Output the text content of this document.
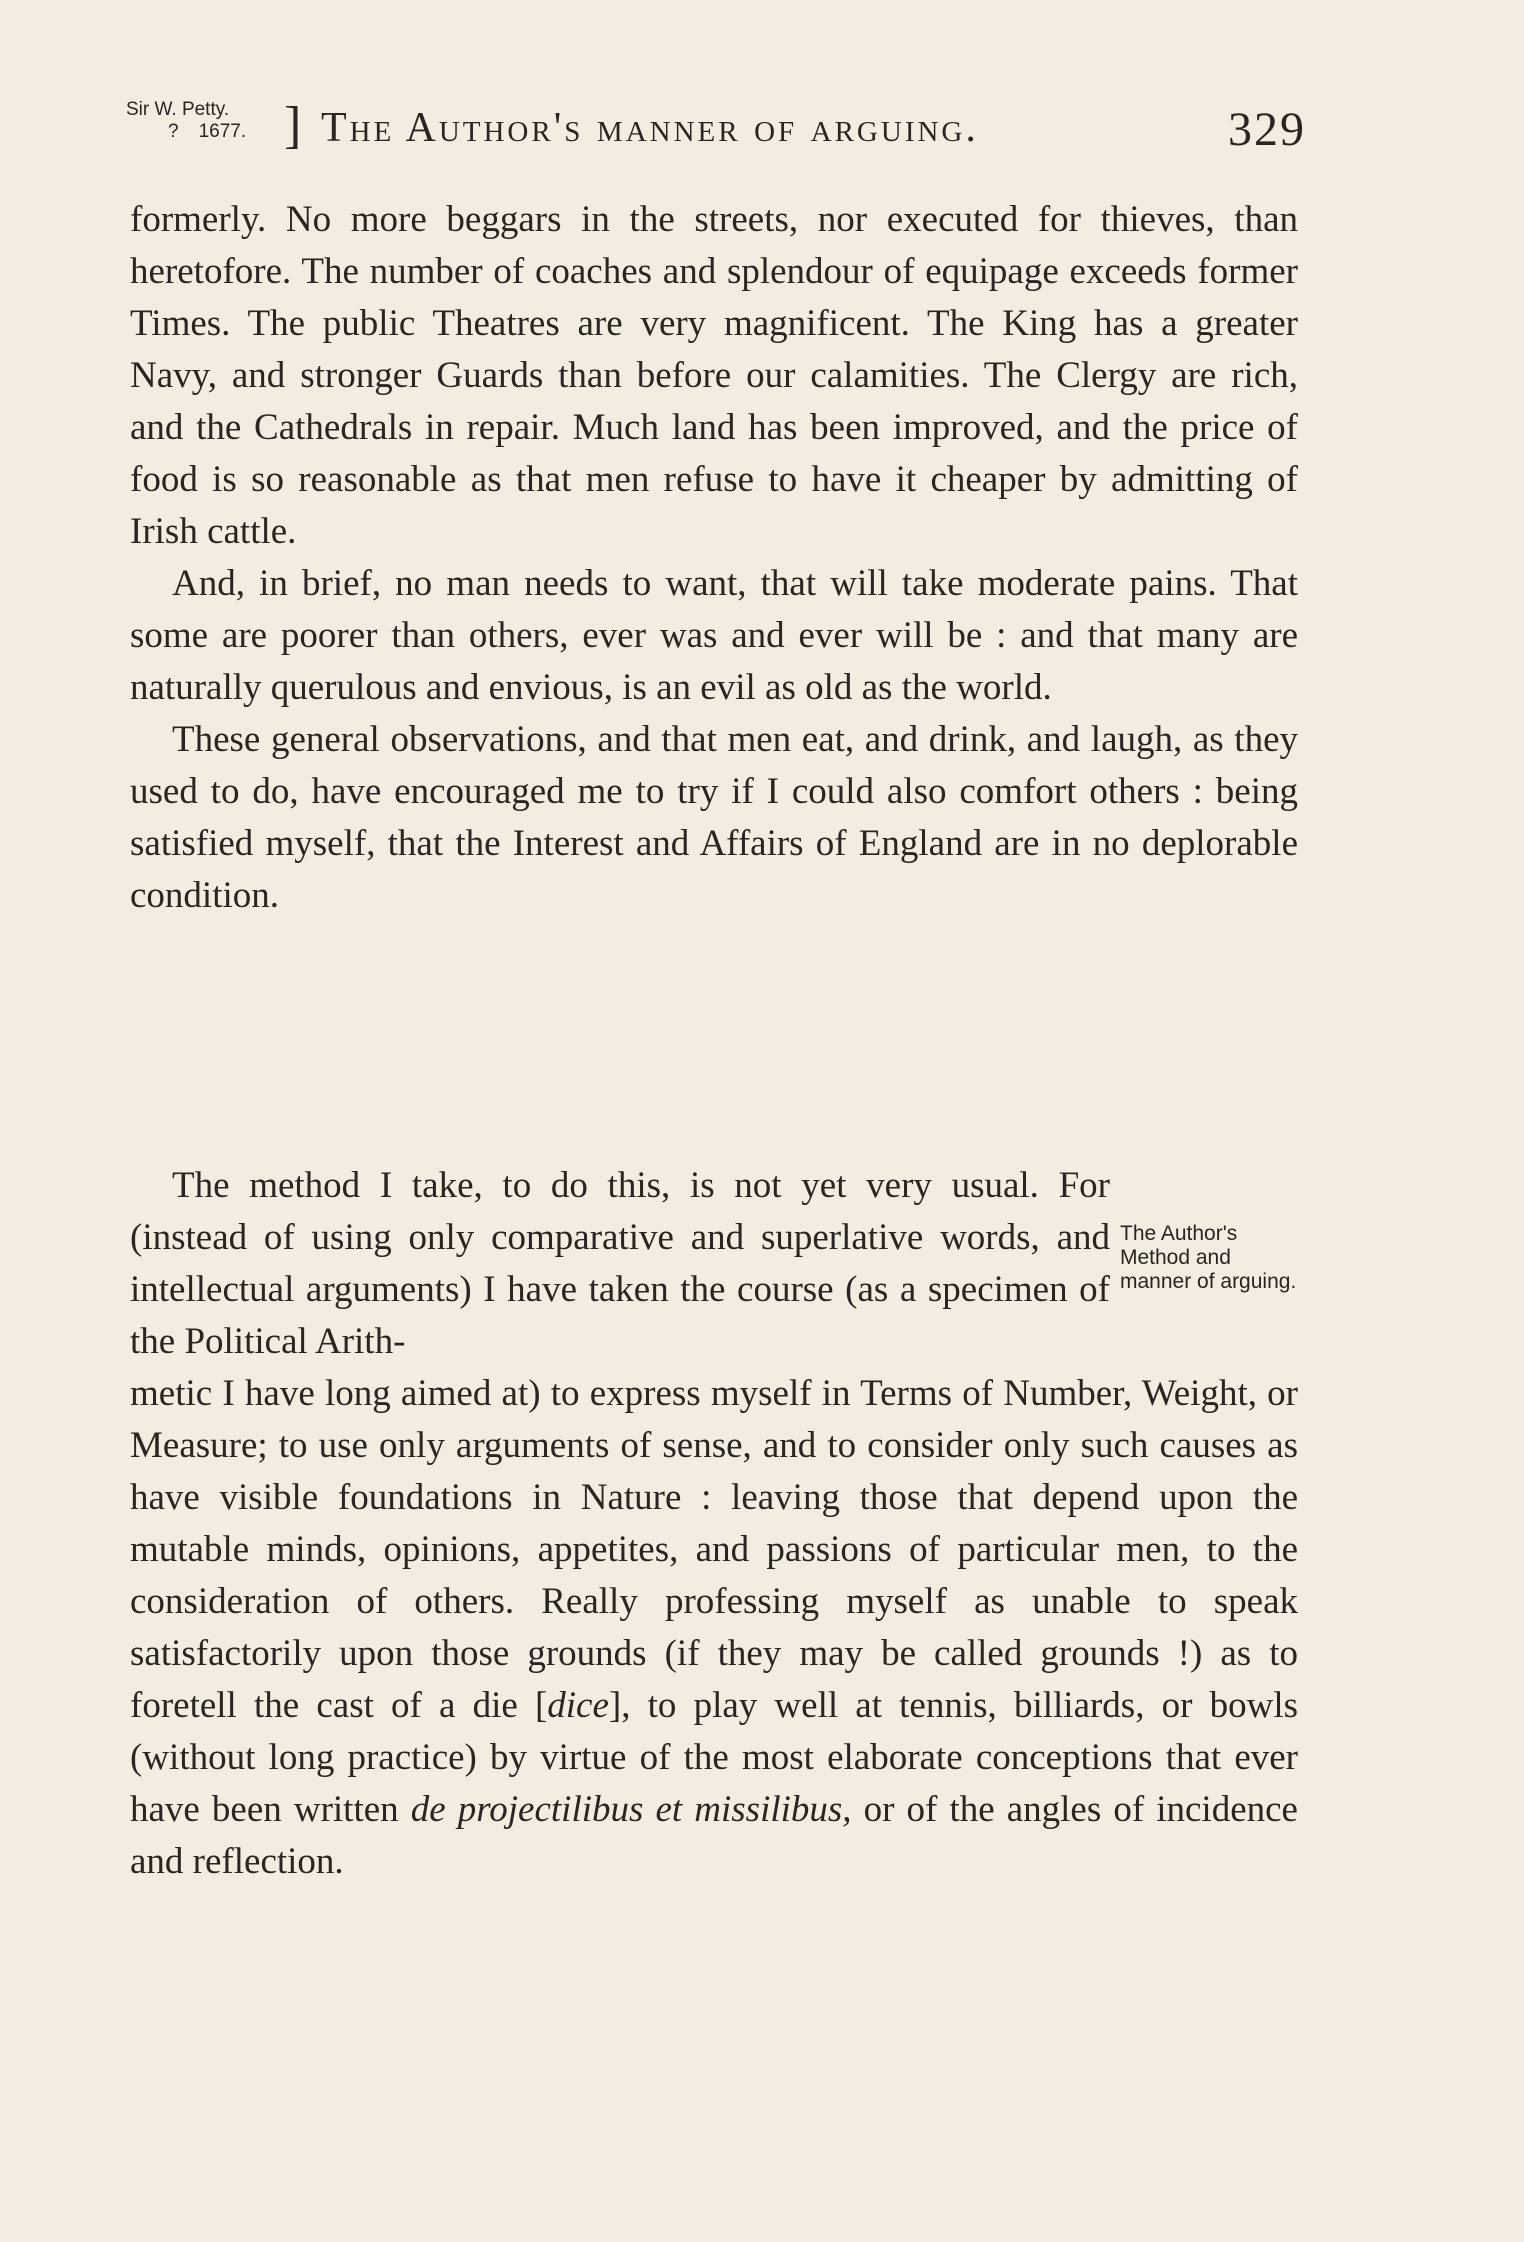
Sir W. Petty.
? 1677. ] The Author's manner of arguing.	329

formerly. No more beggars in the streets, nor executed for thieves, than heretofore. The number of coaches and splendour of equipage exceeds former Times. The public Theatres are very magnificent. The King has a greater Navy, and stronger Guards than before our calamities. The Clergy are rich, and the Cathedrals in repair. Much land has been improved, and the price of food is so reasonable as that men refuse to have it cheaper by admitting of Irish cattle.

And, in brief, no man needs to want, that will take moderate pains. That some are poorer than others, ever was and ever will be : and that many are naturally querulous and envious, is an evil as old as the world.

These general observations, and that men eat, and drink, and laugh, as they used to do, have encouraged me to try if I could also comfort others : being satisfied myself, that the Interest and Affairs of England are in no deplorable condition.

The method I take, to do this, is not yet very usual. For (instead of using only comparative and superlative words, and intellectual arguments) I have taken the course (as a specimen of the Political Arith-

metic I have long aimed at) to express myself in Terms of Number, Weight, or Measure; to use only arguments of sense, and to consider only such causes as have visible foundations in Nature : leaving those that depend upon the mutable minds, opinions, appetites, and passions of particular men, to the consideration of others. Really professing myself as unable to speak satisfactorily upon those grounds (if they may be called grounds !) as to foretell the cast of a die [dice], to play well at tennis, billiards, or bowls (without long practice) by virtue of the most elaborate conceptions that ever have been written de projectilibus et missilibus, or of the angles of incidence and reflection.
The Author's Method and manner of arguing.
